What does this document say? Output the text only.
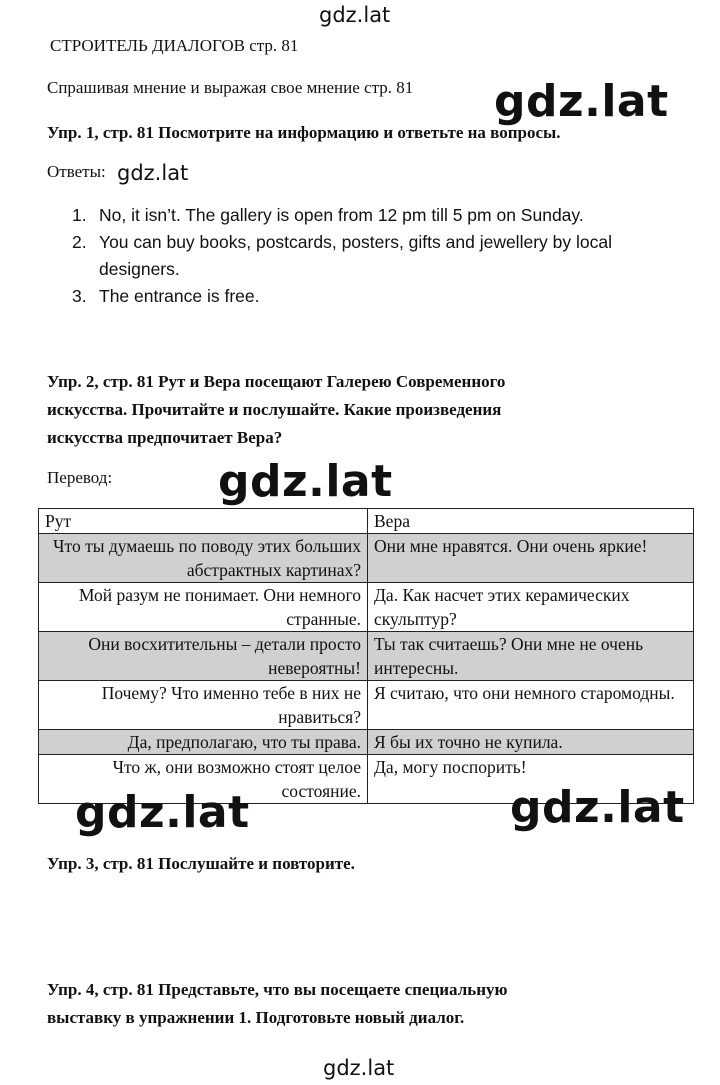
gdz.lat
СТРОИТЕЛЬ ДИАЛОГОВ стр. 81
Спрашивая мнение и выражая свое мнение стр. 81 gdz.lat
Упр. 1, стр. 81 Посмотрите на информацию и ответьте на вопросы.
Ответы: gdz.lat
1. No, it isn’t. The gallery is open from 12 pm till 5 pm on Sunday.
2. You can buy books, postcards, posters, gifts and jewellery by local designers.
3. The entrance is free.
Упр. 2, стр. 81 Рут и Вера посещают Галерею Современного
искусства. Прочитайте и послушайте. Какие произведения
искусства предпочитает Вера?
Перевод: gdz.lat
Рут	Вера
Что ты думаешь по поводу этих больших абстрактных картинах?	Они мне нравятся. Они очень яркие!
Мой разум не понимает. Они немного странные.	Да. Как насчет этих керамических скульптур?
Они восхитительны – детали просто невероятны!	Ты так считаешь? Они мне не очень интересны.
Почему? Что именно тебе в них не нравиться?	Я считаю, что они немного старомодны.
Да, предполагаю, что ты права.	Я бы их точно не купила.
Что ж, они возможно стоят целое состояние.	Да, могу поспорить!
gdz.lat	gdz.lat
Упр. 3, стр. 81 Послушайте и повторите.
Упр. 4, стр. 81 Представьте, что вы посещаете специальную
выставку в упражнении 1. Подготовьте новый диалог.
gdz.lat
